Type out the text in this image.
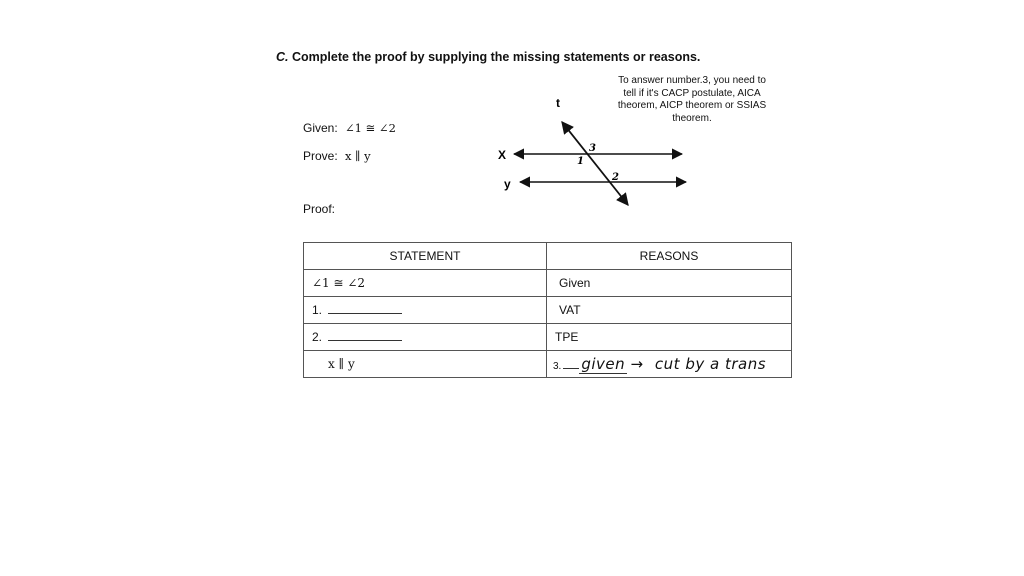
C. Complete the proof by supplying the missing statements or reasons.
To answer number.3, you need to
tell if it's CACP postulate, AICA
theorem, AICP theorem or SSIAS
theorem.
Given: ∠1 ≅ ∠2
Prove: x ∥ y
Proof:
t
X
y
1
2
3
STATEMENT	REASONS
∠1 ≅ ∠2	Given
1.	VAT
2.	TPE
x ∥ y	3. given → cut by a trans
